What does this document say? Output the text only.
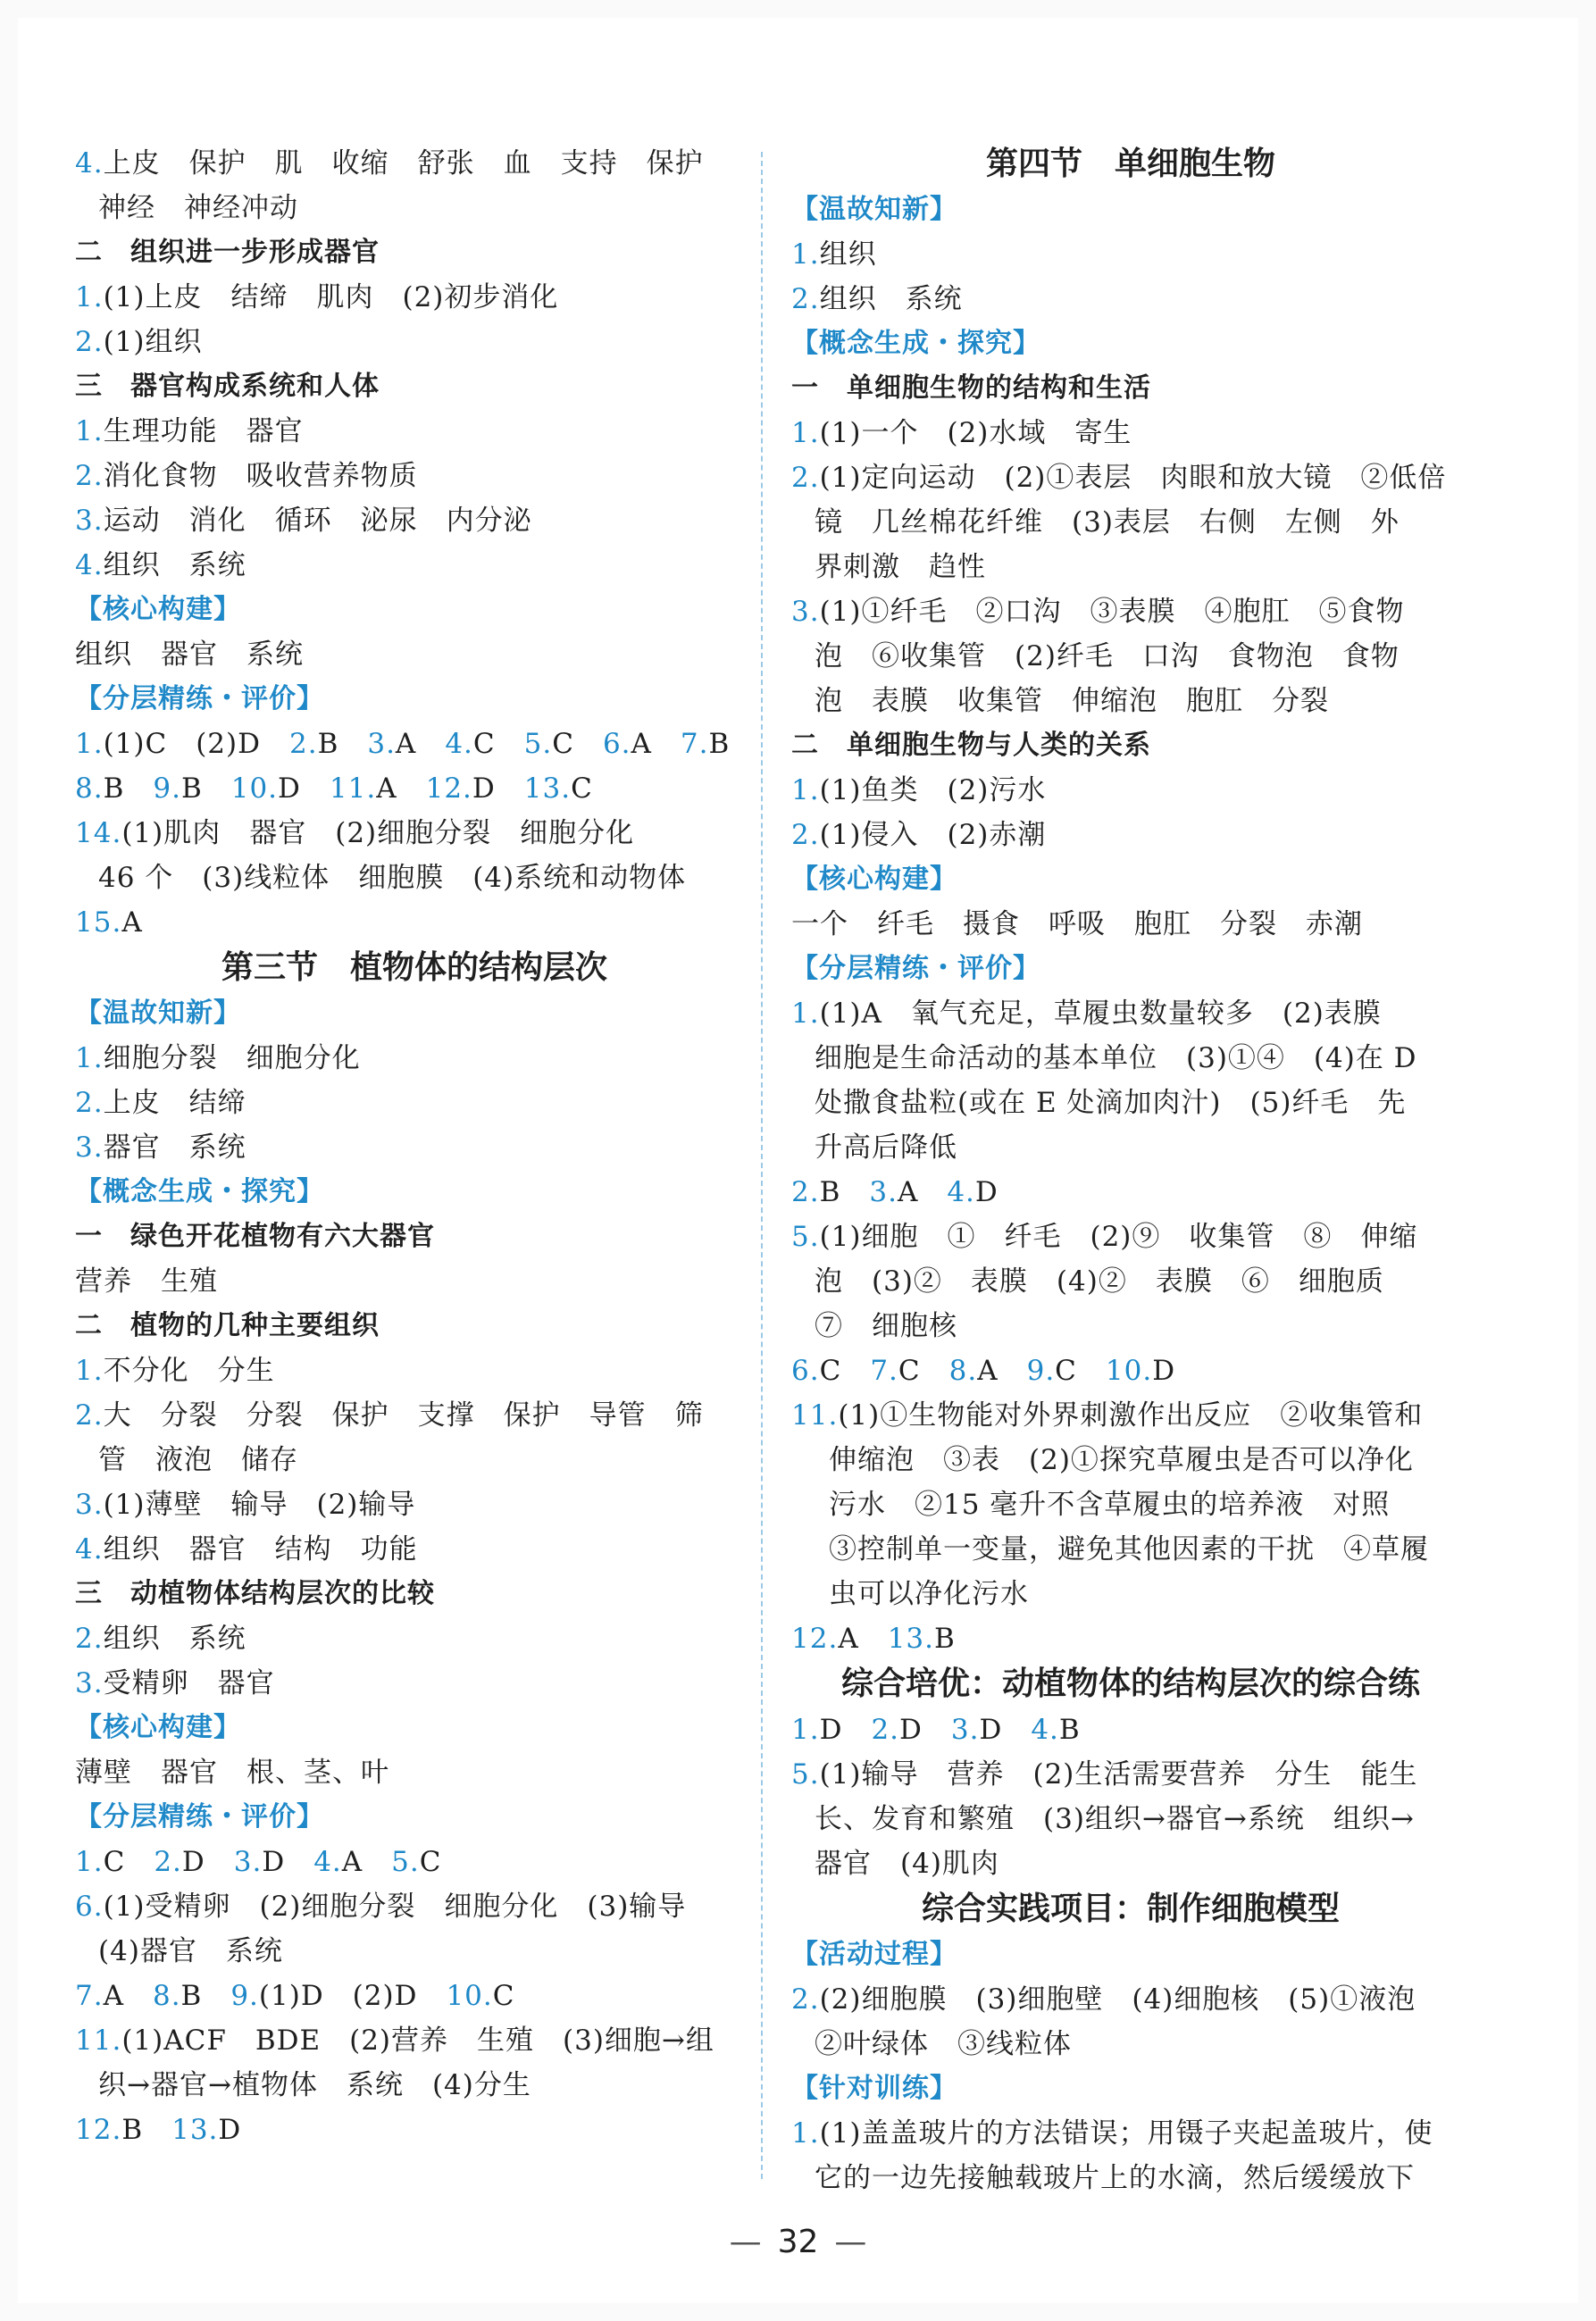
4.上皮　保护　肌　收缩　舒张　血　支持　保护
神经　神经冲动
二　组织进一步形成器官
1.(1)上皮　结缔　肌肉　(2)初步消化
2.(1)组织
三　器官构成系统和人体
1.生理功能　器官
2.消化食物　吸收营养物质
3.运动　消化　循环　泌尿　内分泌
4.组织　系统
【核心构建】
组织　器官　系统
【分层精练・评价】
1.(1)C　(2)D　2.B　3.A　4.C　5.C　6.A　7.B
8.B　9.B　10.D　11.A　12.D　13.C
14.(1)肌肉　器官　(2)细胞分裂　细胞分化
46 个　(3)线粒体　细胞膜　(4)系统和动物体
15.A
第三节　植物体的结构层次
【温故知新】
1.细胞分裂　细胞分化
2.上皮　结缔
3.器官　系统
【概念生成・探究】
一　绿色开花植物有六大器官
营养　生殖
二　植物的几种主要组织
1.不分化　分生
2.大　分裂　分裂　保护　支撑　保护　导管　筛
管　液泡　储存
3.(1)薄壁　输导　(2)输导
4.组织　器官　结构　功能
三　动植物体结构层次的比较
2.组织　系统
3.受精卵　器官
【核心构建】
薄壁　器官　根、茎、叶
【分层精练・评价】
1.C　2.D　3.D　4.A　5.C
6.(1)受精卵　(2)细胞分裂　细胞分化　(3)输导
(4)器官　系统
7.A　8.B　9.(1)D　(2)D　10.C
11.(1)ACF　BDE　(2)营养　生殖　(3)细胞→组
织→器官→植物体　系统　(4)分生
12.B　13.D
第四节　单细胞生物
【温故知新】
1.组织
2.组织　系统
【概念生成・探究】
一　单细胞生物的结构和生活
1.(1)一个　(2)水域　寄生
2.(1)定向运动　(2)①表层　肉眼和放大镜　②低倍
镜　几丝棉花纤维　(3)表层　右侧　左侧　外
界刺激　趋性
3.(1)①纤毛　②口沟　③表膜　④胞肛　⑤食物
泡　⑥收集管　(2)纤毛　口沟　食物泡　食物
泡　表膜　收集管　伸缩泡　胞肛　分裂
二　单细胞生物与人类的关系
1.(1)鱼类　(2)污水
2.(1)侵入　(2)赤潮
【核心构建】
一个　纤毛　摄食　呼吸　胞肛　分裂　赤潮
【分层精练・评价】
1.(1)A　氧气充足，草履虫数量较多　(2)表膜
细胞是生命活动的基本单位　(3)①④　(4)在 D
处撒食盐粒(或在 E 处滴加肉汁)　(5)纤毛　先
升高后降低
2.B　3.A　4.D
5.(1)细胞　①　纤毛　(2)⑨　收集管　⑧　伸缩
泡　(3)②　表膜　(4)②　表膜　⑥　细胞质
⑦　细胞核
6.C　7.C　8.A　9.C　10.D
11.(1)①生物能对外界刺激作出反应　②收集管和
伸缩泡　③表　(2)①探究草履虫是否可以净化
污水　②15 毫升不含草履虫的培养液　对照
③控制单一变量，避免其他因素的干扰　④草履
虫可以净化污水
12.A　13.B
综合培优：动植物体的结构层次的综合练
1.D　2.D　3.D　4.B
5.(1)输导　营养　(2)生活需要营养　分生　能生
长、发育和繁殖　(3)组织→器官→系统　组织→
器官　(4)肌肉
综合实践项目：制作细胞模型
【活动过程】
2.(2)细胞膜　(3)细胞壁　(4)细胞核　(5)①液泡
②叶绿体　③线粒体
【针对训练】
1.(1)盖盖玻片的方法错误；用镊子夹起盖玻片，使
它的一边先接触载玻片上的水滴，然后缓缓放下
— 32 —
